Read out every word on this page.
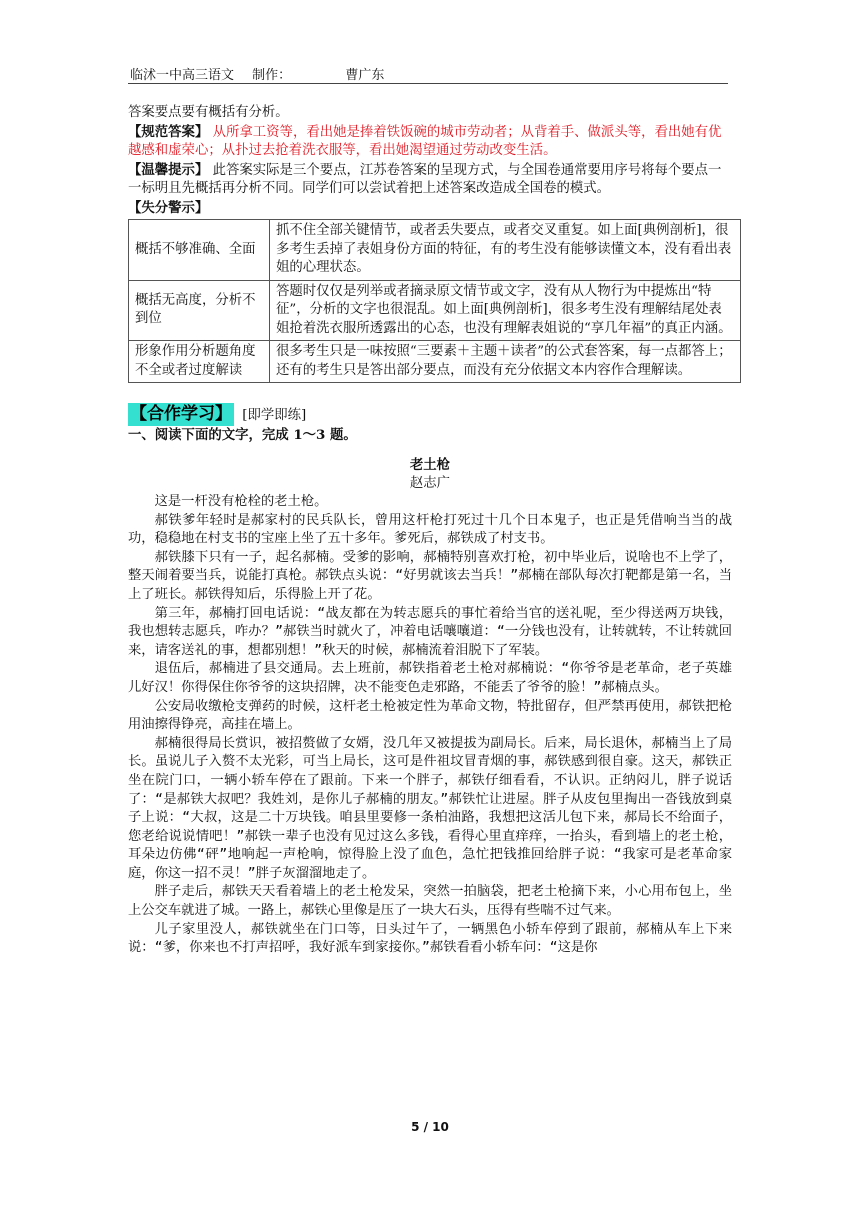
临沭一中高三语文 制作：	曹广东

答案要点要有概括有分析。

【规范答案】 从所拿工资等，看出她是捧着铁饭碗的城市劳动者；从背着手、做派头等，看出她有优越感和虚荣心；从扑过去抢着洗衣服等，看出她渴望通过劳动改变生活。

【温馨提示】 此答案实际是三个要点，江苏卷答案的呈现方式，与全国卷通常要用序号将每个要点一一标明且先概括再分析不同。同学们可以尝试着把上述答案改造成全国卷的模式。

【失分警示】

概括不够准确、全面	抓不住全部关键情节，或者丢失要点，或者交叉重复。如上面[典例剖析]，很多考生丢掉了表姐身份方面的特征，有的考生没有能够读懂文本，没有看出表姐的心理状态。
概括无高度，分析不到位	答题时仅仅是列举或者摘录原文情节或文字，没有从人物行为中提炼出“特征”，分析的文字也很混乱。如上面[典例剖析]，很多考生没有理解结尾处表姐抢着洗衣服所透露出的心态，也没有理解表姐说的“享几年福”的真正内涵。
形象作用分析题角度不全或者过度解读	很多考生只是一味按照“三要素＋主题＋读者”的公式套答案，每一点都答上；还有的考生只是答出部分要点，而没有充分依据文本内容作合理解读。
【合作学习】 [即学即练]

一、阅读下面的文字，完成 1～3 题。

老土枪
赵志广

这是一杆没有枪栓的老土枪。

郝铁爹年轻时是郝家村的民兵队长，曾用这杆枪打死过十几个日本鬼子，也正是凭借响当当的战功，稳稳地在村支书的宝座上坐了五十多年。爹死后，郝铁成了村支书。

郝铁膝下只有一子，起名郝楠。受爹的影响，郝楠特别喜欢打枪，初中毕业后，说啥也不上学了，整天闹着要当兵，说能打真枪。郝铁点头说：“好男就该去当兵！”郝楠在部队每次打靶都是第一名，当上了班长。郝铁得知后，乐得脸上开了花。

第三年，郝楠打回电话说：“战友都在为转志愿兵的事忙着给当官的送礼呢，至少得送两万块钱，我也想转志愿兵，咋办？”郝铁当时就火了，冲着电话嚷嚷道：“一分钱也没有，让转就转，不让转就回来，请客送礼的事，想都别想！”秋天的时候，郝楠流着泪脱下了军装。

退伍后，郝楠进了县交通局。去上班前，郝铁指着老土枪对郝楠说：“你爷爷是老革命，老子英雄儿好汉！你得保住你爷爷的这块招牌，决不能变色走邪路，不能丢了爷爷的脸！”郝楠点头。

公安局收缴枪支弹药的时候，这杆老土枪被定性为革命文物，特批留存，但严禁再使用，郝铁把枪用油擦得铮亮，高挂在墙上。

郝楠很得局长赏识，被招赘做了女婿，没几年又被提拔为副局长。后来，局长退休，郝楠当上了局长。虽说儿子入赘不太光彩，可当上局长，这可是件祖坟冒青烟的事，郝铁感到很自豪。这天，郝铁正坐在院门口，一辆小轿车停在了跟前。下来一个胖子，郝铁仔细看看，不认识。正纳闷儿，胖子说话了：“是郝铁大叔吧？我姓刘，是你儿子郝楠的朋友。”郝铁忙让进屋。胖子从皮包里掏出一沓钱放到桌子上说：“大叔，这是二十万块钱。咱县里要修一条柏油路，我想把这活儿包下来，郝局长不给面子，您老给说说情吧！”郝铁一辈子也没有见过这么多钱，看得心里直痒痒，一抬头，看到墙上的老土枪，耳朵边仿佛“砰”地响起一声枪响，惊得脸上没了血色，急忙把钱推回给胖子说：“我家可是老革命家庭，你这一招不灵！”胖子灰溜溜地走了。

胖子走后，郝铁天天看着墙上的老土枪发呆，突然一拍脑袋，把老土枪摘下来，小心用布包上，坐上公交车就进了城。一路上，郝铁心里像是压了一块大石头，压得有些喘不过气来。

儿子家里没人，郝铁就坐在门口等，日头过午了，一辆黑色小轿车停到了跟前，郝楠从车上下来说：“爹，你来也不打声招呼，我好派车到家接你。”郝铁看看小轿车问：“这是你

5 / 10
